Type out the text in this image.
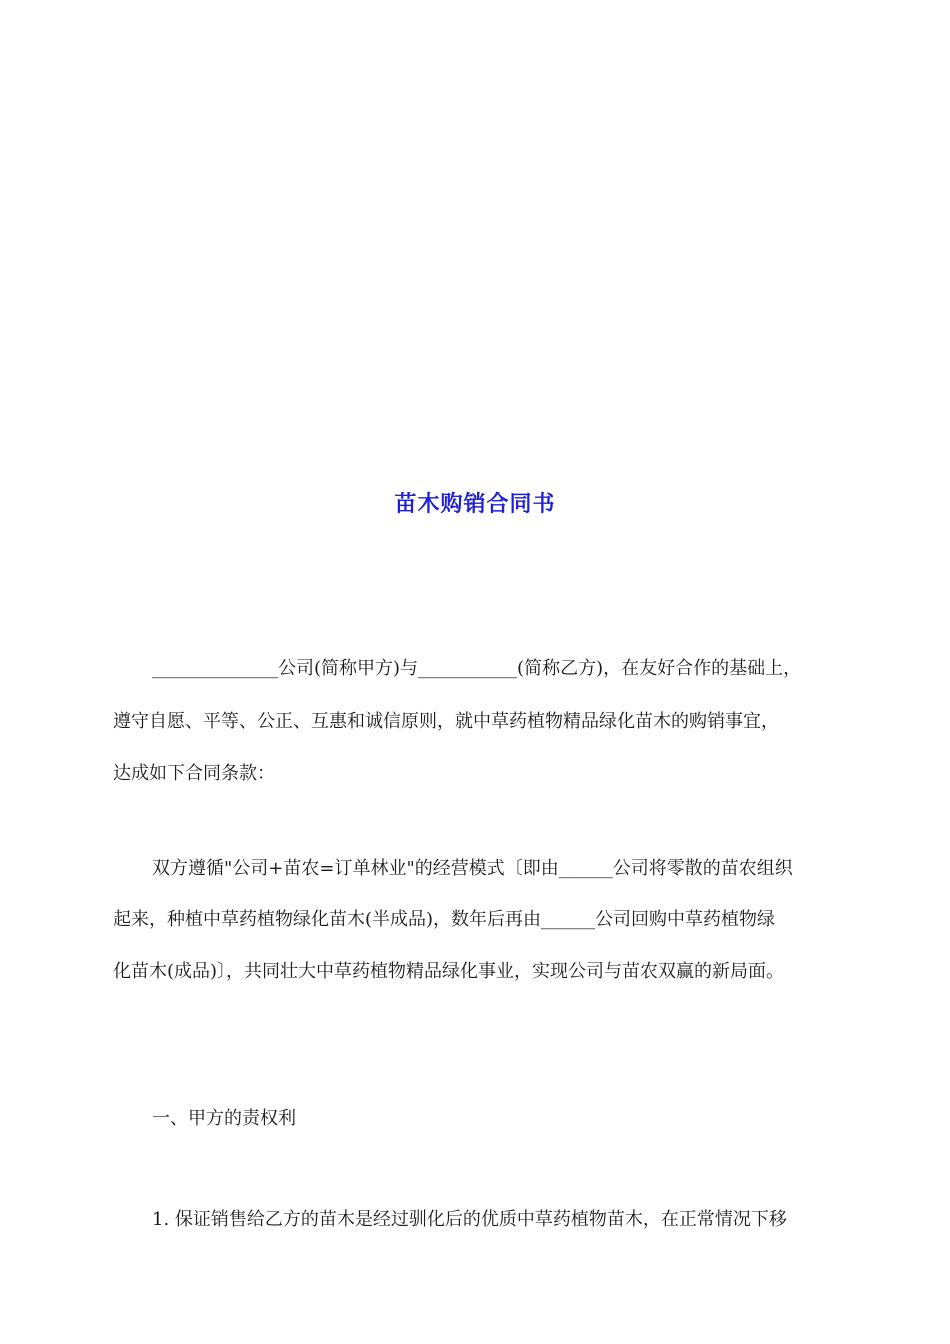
苗木购销合同书
______________公司(简称甲方)与___________(简称乙方)，在友好合作的基础上，
遵守自愿、平等、公正、互惠和诚信原则，就中草药植物精品绿化苗木的购销事宜，
达成如下合同条款：
双方遵循"公司+苗农=订单林业"的经营模式〔即由______公司将零散的苗农组织
起来，种植中草药植物绿化苗木(半成品)，数年后再由______公司回购中草药植物绿
化苗木(成品)〕，共同壮大中草药植物精品绿化事业，实现公司与苗农双赢的新局面。
一、甲方的责权利
1. 保证销售给乙方的苗木是经过驯化后的优质中草药植物苗木，在正常情况下移
